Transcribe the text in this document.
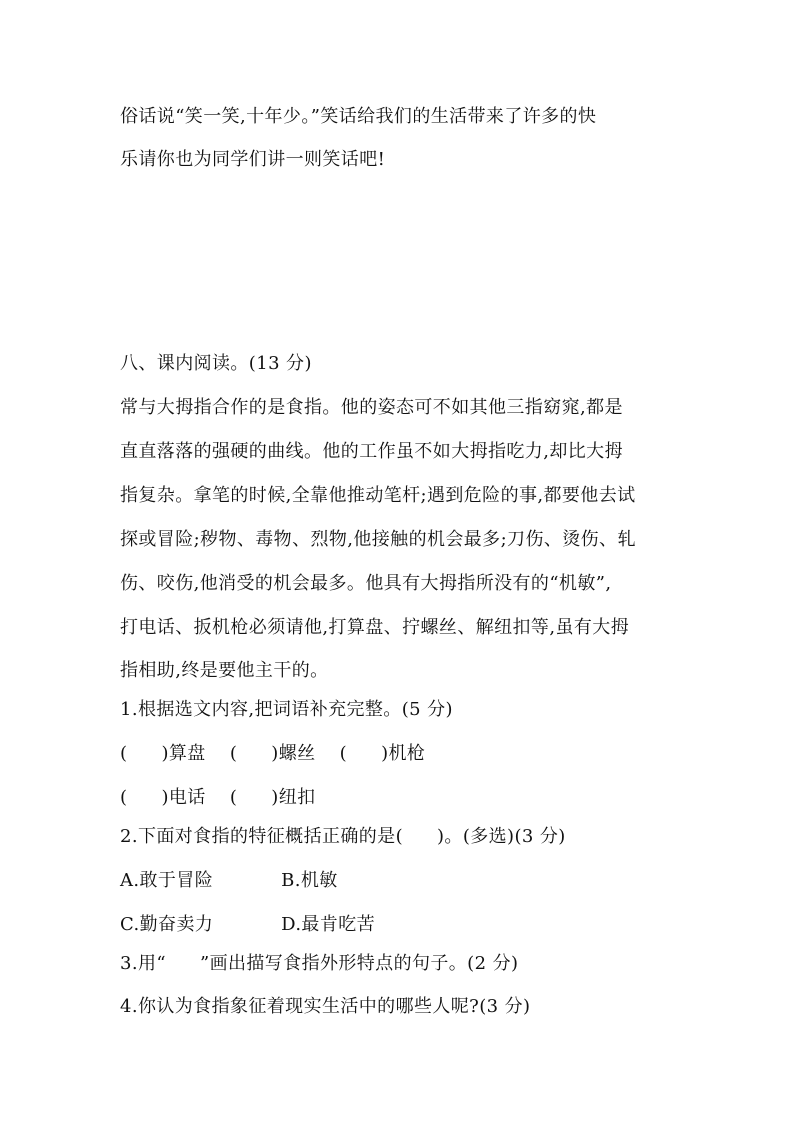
俗话说“笑一笑,十年少。”笑话给我们的生活带来了许多的快
乐请你也为同学们讲一则笑话吧!
八、课内阅读。(13 分)
常与大拇指合作的是食指。他的姿态可不如其他三指窈窕,都是
直直落落的强硬的曲线。他的工作虽不如大拇指吃力,却比大拇
指复杂。拿笔的时候,全靠他推动笔杆;遇到危险的事,都要他去试
探或冒险;秽物、毒物、烈物,他接触的机会最多;刀伤、烫伤、轧
伤、咬伤,他消受的机会最多。他具有大拇指所没有的“机敏”,
打电话、扳机枪必须请他,打算盘、拧螺丝、解纽扣等,虽有大拇
指相助,终是要他主干的。
1.根据选文内容,把词语补充完整。(5 分)
( )算盘 ( )螺丝 ( )机枪
( )电话 ( )纽扣
2.下面对食指的特征概括正确的是( )。(多选)(3 分)
A.敢于冒险	B.机敏
C.勤奋卖力	D.最肯吃苦
3.用“ ”画出描写食指外形特点的句子。(2 分)
4.你认为食指象征着现实生活中的哪些人呢?(3 分)
